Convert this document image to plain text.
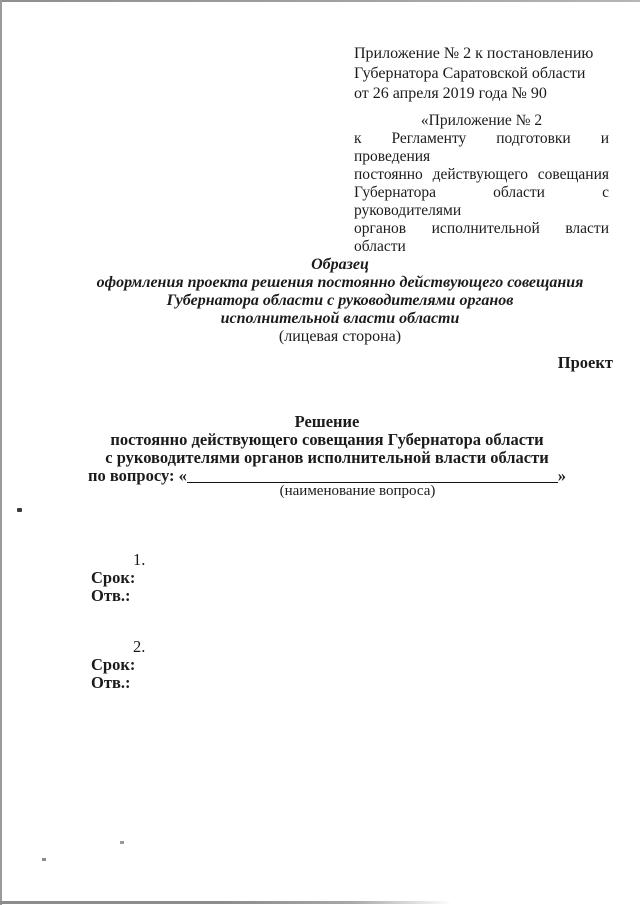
Приложение № 2 к постановлению
Губернатора Саратовской области
от 26 апреля 2019 года № 90
«Приложение № 2
к Регламенту подготовки и проведения
постоянно действующего совещания
Губернатора области с руководителями
органов исполнительной власти области
Образец
оформления проекта решения постоянно действующего совещания
Губернатора области с руководителями органов
исполнительной власти области
(лицевая сторона)
Проект
Решение
постоянно действующего совещания Губернатора области
с руководителями органов исполнительной власти области
по вопросу: «	»
(наименование вопроса)
1.
Срок:
Отв.:
2.
Срок:
Отв.:
